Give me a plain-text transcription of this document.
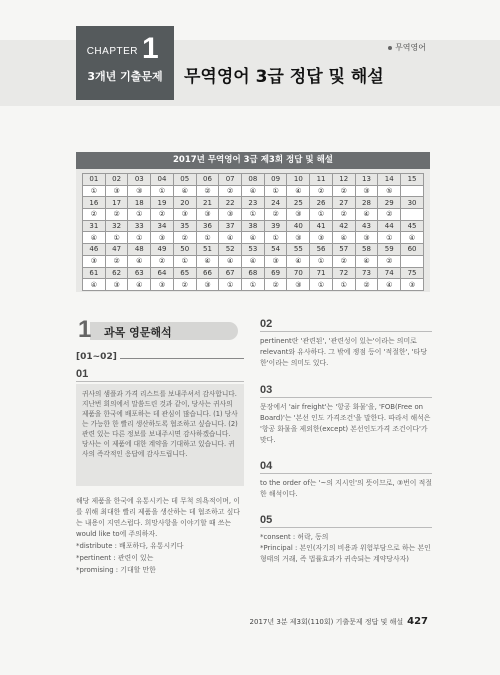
CHAPTER 1
3개년 기출문제
무역영어
무역영어 3급 정답 및 해설
2017년 무역영어 3급 제3회 정답 및 해설
01	02	03	04	05	06	07	08	09	10	11	12	13	14	15
①	③	③	①	④	②	②	④	①	④	②	②	③	⑤	
16	17	18	19	20	21	22	23	24	25	26	27	28	29	30
②	②	①	②	③	③	③	①	②	③	①	②	④	②	
31	32	33	34	35	36	37	38	39	40	41	42	43	44	45
④	①	①	③	②	①	④	④	①	③	③	④	③	①	④
46	47	48	49	50	51	52	53	54	55	56	57	58	59	60
③	②	④	②	①	④	④	④	③	④	①	②	④	②	
61	62	63	64	65	66	67	68	69	70	71	72	73	74	75
④	③	④	③	②	③	①	①	②	③	①	①	②	④	③
1 과목 영문해석
[01~02]
01

귀사의 샘플과 가격 리스트를 보내주셔서 감사합니다. 지난번 회의에서 말씀드린 것과 같이, 당사는 귀사의 제품을 한국에 배포하는 데 관심이 많습니다. (1) 당사는 가능한 한 빨리 생산하도록 협조하고 싶습니다. (2) 관련 있는 다른 정보를 보내주시면 감사하겠습니다. 당사는 이 제품에 대한 계약을 기대하고 있습니다. 귀사의 즉각적인 응답에 감사드립니다.

해당 제품을 한국에 유통시키는 데 무척 의욕적이며, 이를 위해 최대한 빨리 제품을 생산하는 데 협조하고 싶다는 내용이 지연스럽다. 희망사항을 이야기할 때 쓰는 would like to에 주의하자.

*distribute : 배포하다, 유통시키다

*pertinent : 관련이 있는

*promising : 기대할 만한

02

pertinent란 '관련된', '관련성이 있는'이라는 의미로 relevant와 유사하다. 그 밖에 쟁점 등이 '적절한', '타당한'이라는 의미도 있다.

03

문장에서 'air freight'는 '항공 화물'을, 'FOB(Free on Board)'는 '본선 인도 가격조건'을 말한다. 따라서 해석은 '항공 화물을 제외한(except) 본선인도가격 조건이다'가 맞다.

04

to the order of는 '~의 지시인'의 뜻이므로, ③번이 적절한 해석이다.

05

*consent : 허락, 동의

*Principal : 본인(자기의 비용과 위험부담으로 하는 본인 형태의 거래, 즉 법률효과가 귀속되는 계약당사자)

2017년 3분 제3회(110회) 기출문제 정답 및 해설 427
